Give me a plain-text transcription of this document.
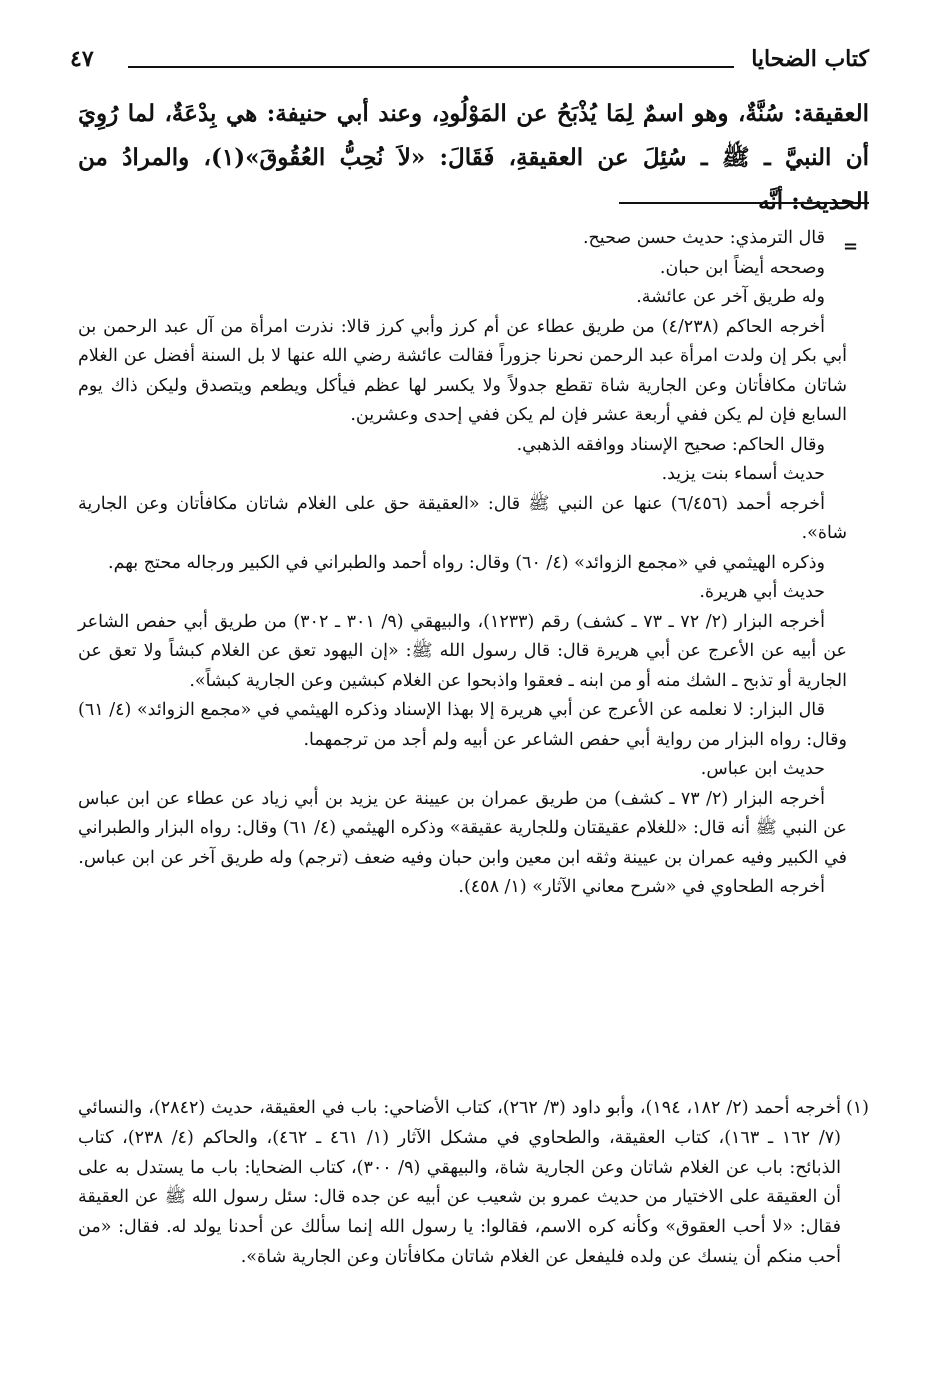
كتاب الضحايا
٤٧

العقيقة: سُنَّةٌ، وهو اسمٌ لِمَا يُذْبَحُ عن المَوْلُودِ، وعند أبي حنيفة: هي بِدْعَةٌ، لما رُوِيَ أن النبيَّ ـ ﷺ ـ سُئِلَ عن العقيقةِ، فَقَالَ: «لاَ نُحِبُّ العُقُوقَ»(١)، والمرادُ من الحديث: أنَّه

=

قال الترمذي: حديث حسن صحيح.

وصححه أيضاً ابن حبان.

وله طريق آخر عن عائشة.

أخرجه الحاكم (٤/٢٣٨) من طريق عطاء عن أم كرز وأبي كرز قالا: نذرت امرأة من آل عبد الرحمن بن أبي بكر إن ولدت امرأة عبد الرحمن نحرنا جزوراً فقالت عائشة رضي الله عنها لا بل السنة أفضل عن الغلام شاتان مكافأتان وعن الجارية شاة تقطع جدولاً ولا يكسر لها عظم فيأكل ويطعم ويتصدق وليكن ذاك يوم السابع فإن لم يكن ففي أربعة عشر فإن لم يكن ففي إحدى وعشرين.

وقال الحاكم: صحيح الإسناد ووافقه الذهبي.

حديث أسماء بنت يزيد.

أخرجه أحمد (٦/٤٥٦) عنها عن النبي ﷺ قال: «العقيقة حق على الغلام شاتان مكافأتان وعن الجارية شاة».

وذكره الهيثمي في «مجمع الزوائد» (٤/ ٦٠) وقال: رواه أحمد والطبراني في الكبير ورجاله محتج بهم.

حديث أبي هريرة.

أخرجه البزار (٢/ ٧٢ ـ ٧٣ ـ كشف) رقم (١٢٣٣)، والبيهقي (٩/ ٣٠١ ـ ٣٠٢) من طريق أبي حفص الشاعر عن أبيه عن الأعرج عن أبي هريرة قال: قال رسول الله ﷺ: «إن اليهود تعق عن الغلام كبشاً ولا تعق عن الجارية أو تذبح ـ الشك منه أو من ابنه ـ فعقوا واذبحوا عن الغلام كبشين وعن الجارية كبشاً».

قال البزار: لا نعلمه عن الأعرج عن أبي هريرة إلا بهذا الإسناد وذكره الهيثمي في «مجمع الزوائد» (٤/ ٦١) وقال: رواه البزار من رواية أبي حفص الشاعر عن أبيه ولم أجد من ترجمهما.

حديث ابن عباس.

أخرجه البزار (٢/ ٧٣ ـ كشف) من طريق عمران بن عيينة عن يزيد بن أبي زياد عن عطاء عن ابن عباس عن النبي ﷺ أنه قال: «للغلام عقيقتان وللجارية عقيقة» وذكره الهيثمي (٤/ ٦١) وقال: رواه البزار والطبراني في الكبير وفيه عمران بن عيينة وثقه ابن معين وابن حبان وفيه ضعف (ترجم) وله طريق آخر عن ابن عباس.

أخرجه الطحاوي في «شرح معاني الآثار» (١/ ٤٥٨).

(١)
أخرجه أحمد (٢/ ١٨٢، ١٩٤)، وأبو داود (٣/ ٢٦٢)، كتاب الأضاحي: باب في العقيقة، حديث (٢٨٤٢)، والنسائي (٧/ ١٦٢ ـ ١٦٣)، كتاب العقيقة، والطحاوي في مشكل الآثار (١/ ٤٦١ ـ ٤٦٢)، والحاكم (٤/ ٢٣٨)، كتاب الذبائح: باب عن الغلام شاتان وعن الجارية شاة، والبيهقي (٩/ ٣٠٠)، كتاب الضحايا: باب ما يستدل به على أن العقيقة على الاختيار من حديث عمرو بن شعيب عن أبيه عن جده قال: سئل رسول الله ﷺ عن العقيقة فقال: «لا أحب العقوق» وكأنه كره الاسم، فقالوا: يا رسول الله إنما سألك عن أحدنا يولد له. فقال: «من أحب منكم أن ينسك عن ولده فليفعل عن الغلام شاتان مكافأتان وعن الجارية شاة».
